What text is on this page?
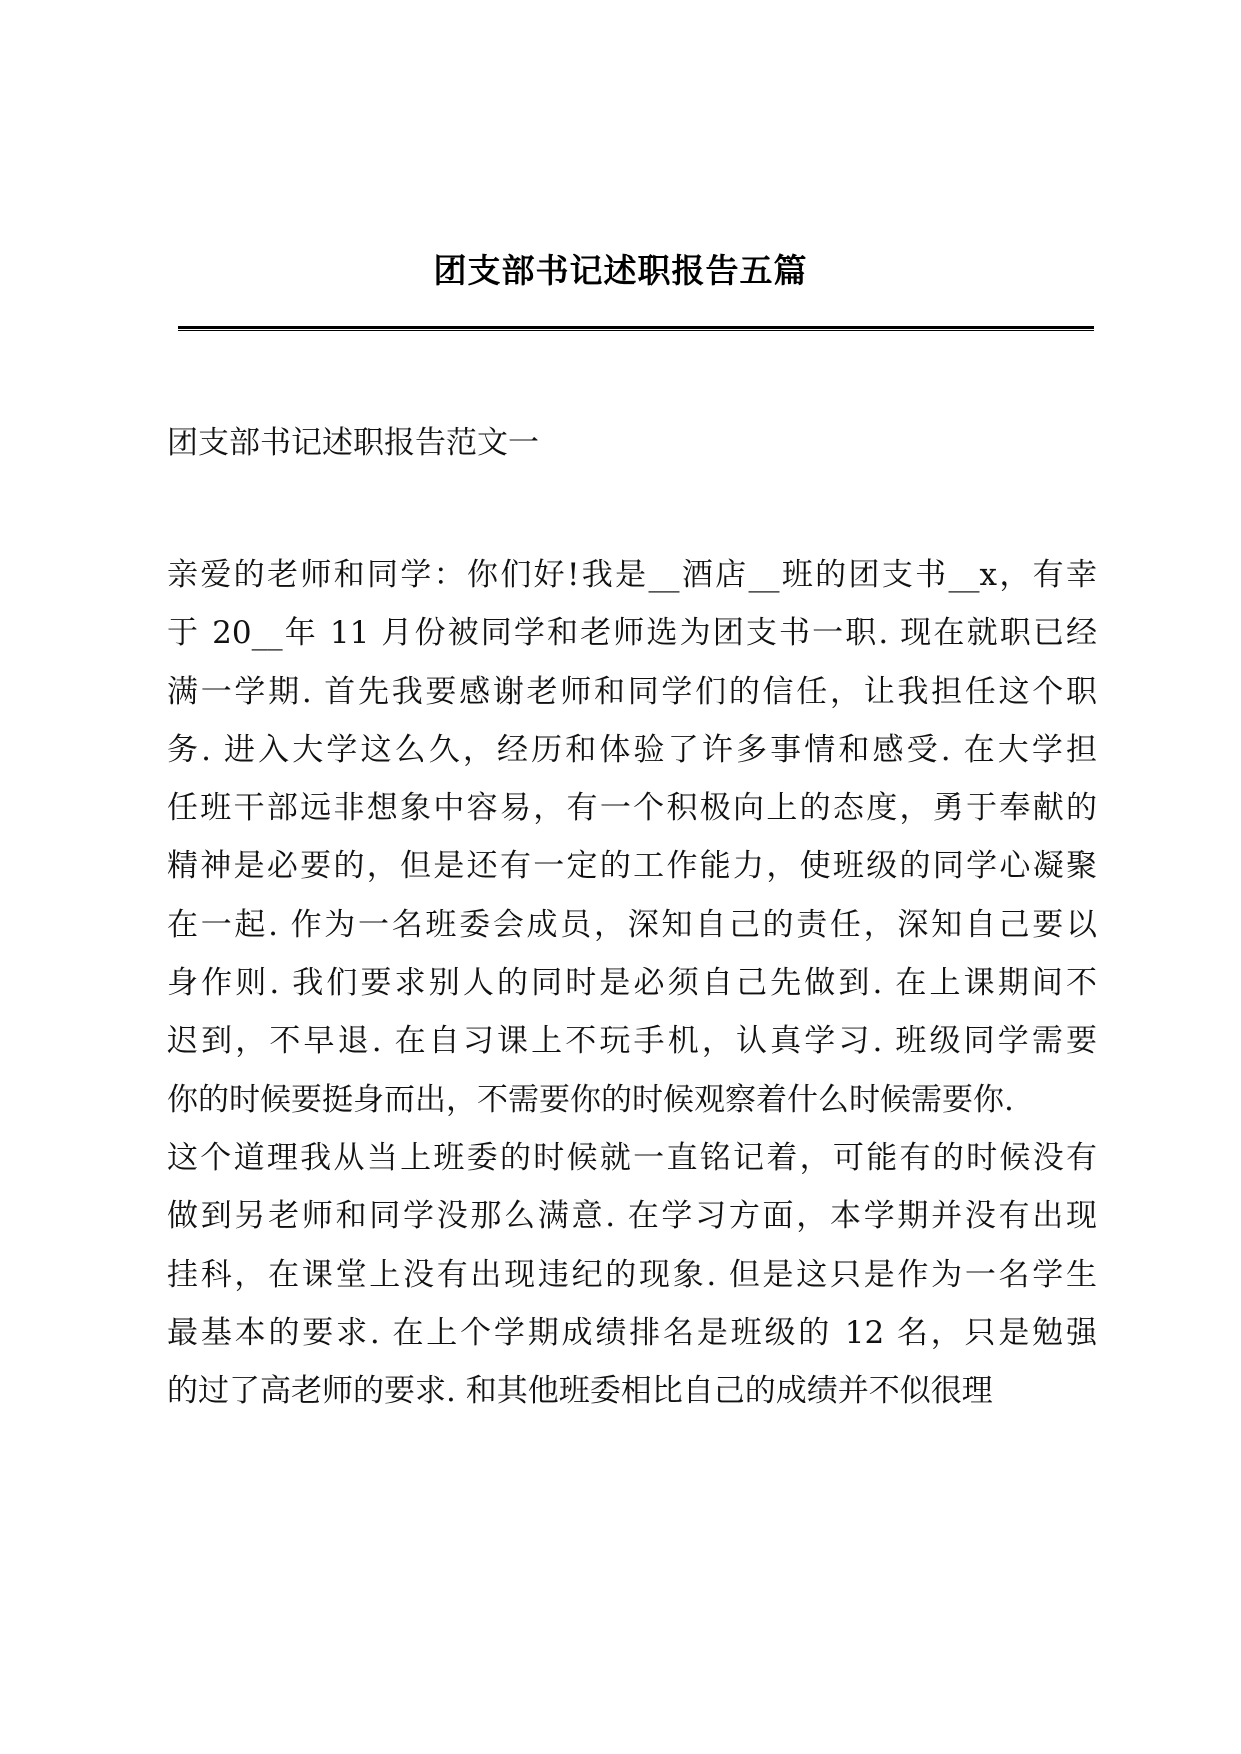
团支部书记述职报告五篇
团支部书记述职报告范文一
亲爱的老师和同学：你们好!我是__酒店__班的团支书__x，有幸
于 20__年 11 月份被同学和老师选为团支书一职. 现在就职已经
满一学期. 首先我要感谢老师和同学们的信任，让我担任这个职
务. 进入大学这么久，经历和体验了许多事情和感受. 在大学担
任班干部远非想象中容易，有一个积极向上的态度，勇于奉献的
精神是必要的，但是还有一定的工作能力，使班级的同学心凝聚
在一起. 作为一名班委会成员，深知自己的责任，深知自己要以
身作则. 我们要求别人的同时是必须自己先做到. 在上课期间不
迟到，不早退. 在自习课上不玩手机，认真学习. 班级同学需要
你的时候要挺身而出，不需要你的时候观察着什么时候需要你.
这个道理我从当上班委的时候就一直铭记着，可能有的时候没有
做到另老师和同学没那么满意. 在学习方面，本学期并没有出现
挂科，在课堂上没有出现违纪的现象. 但是这只是作为一名学生
最基本的要求. 在上个学期成绩排名是班级的 12 名，只是勉强
的过了高老师的要求. 和其他班委相比自己的成绩并不似很理
